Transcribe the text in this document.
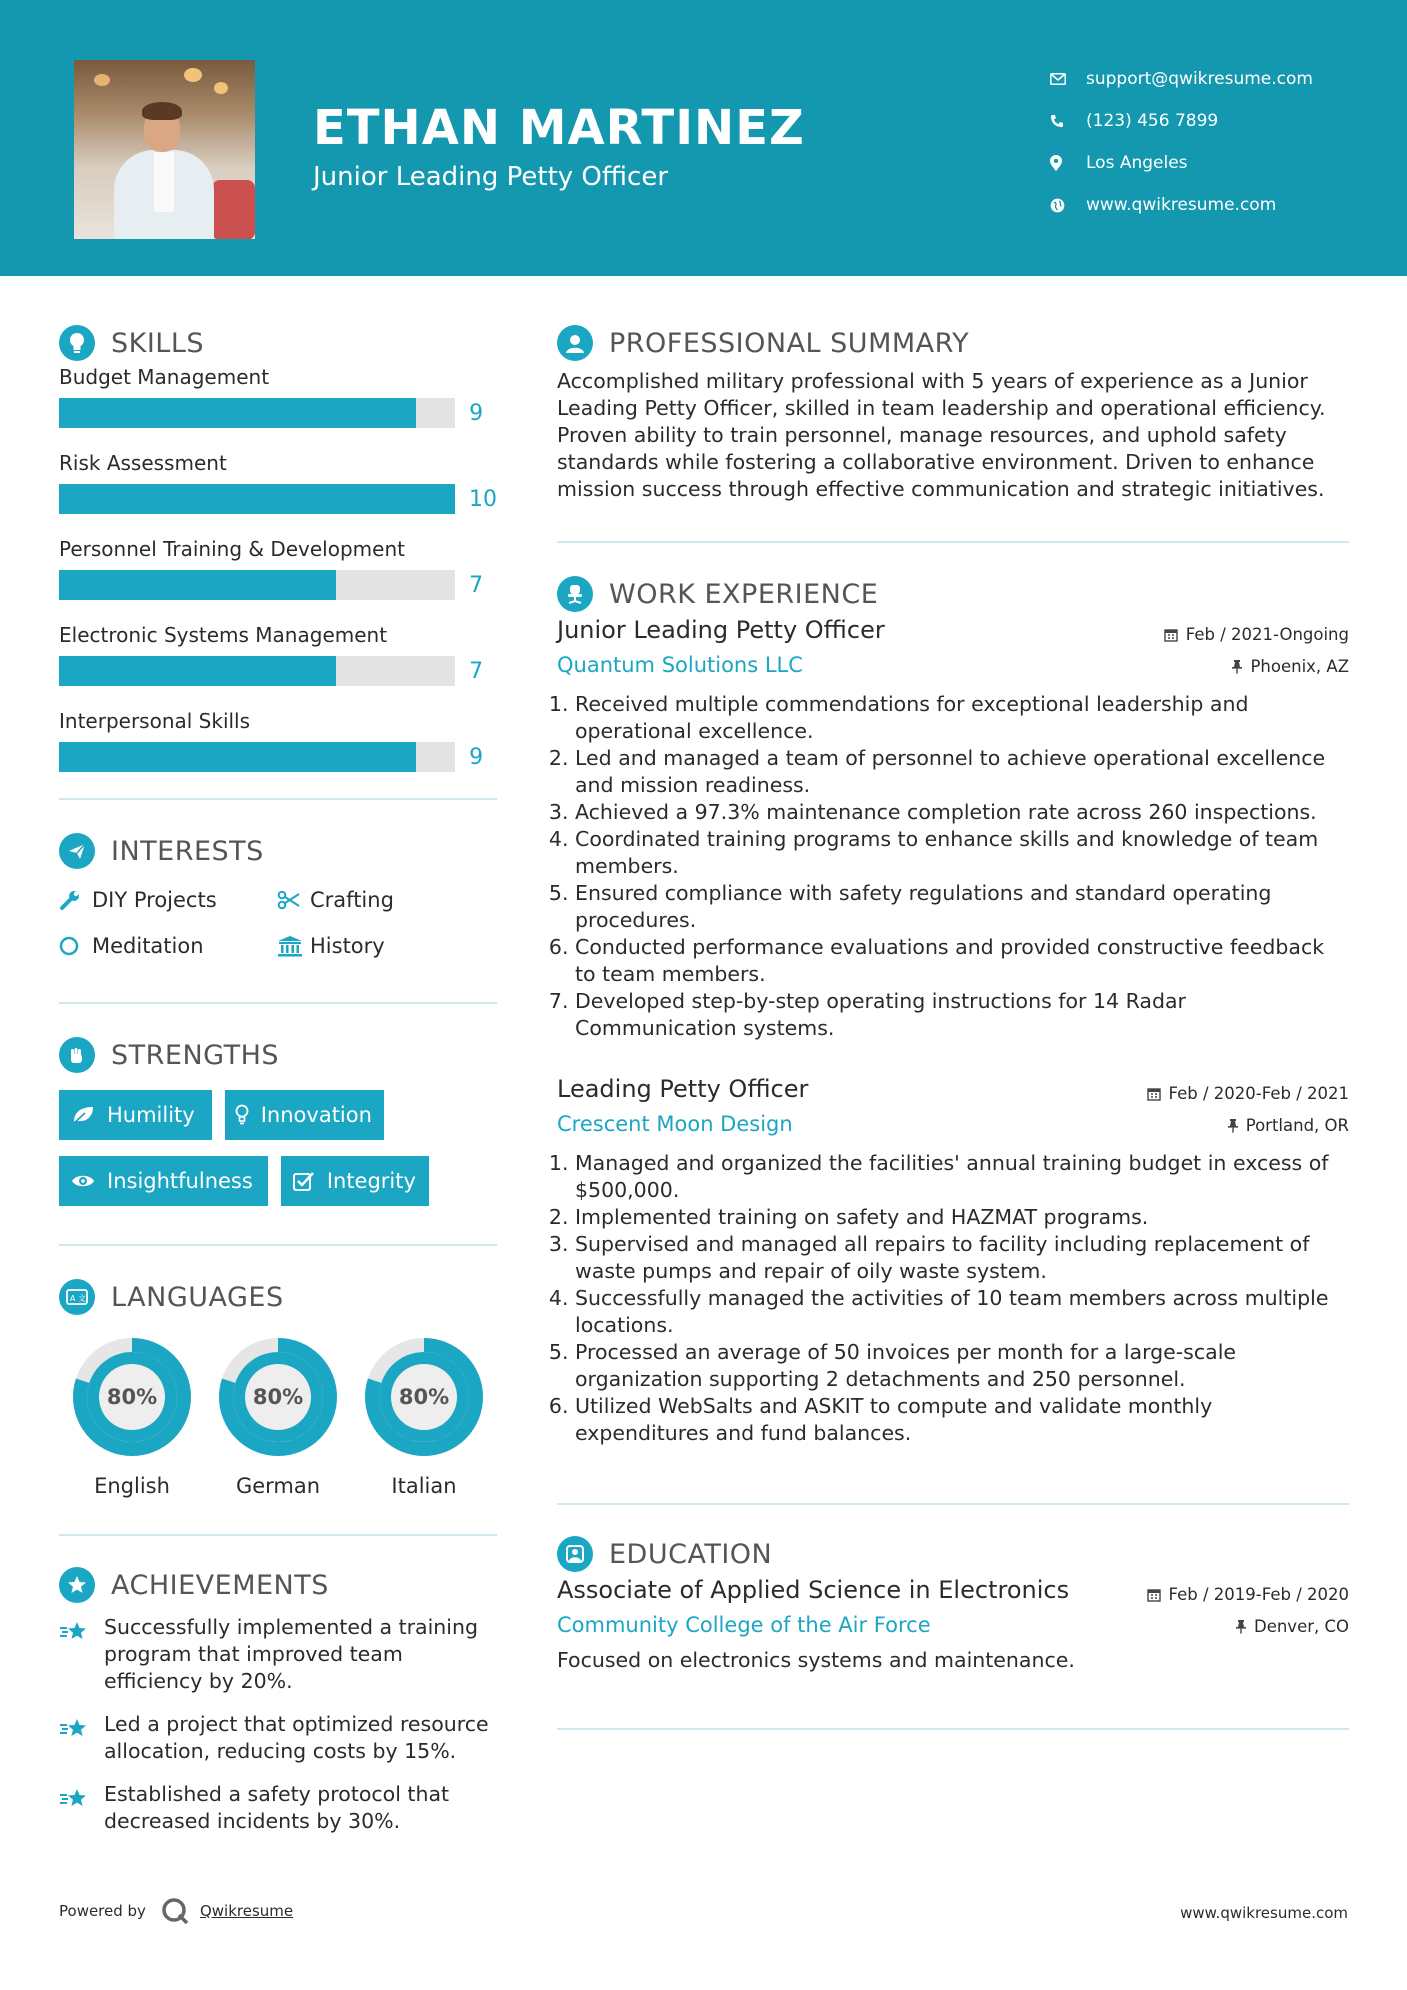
ETHAN MARTINEZ
Junior Leading Petty Officer
support@qwikresume.com
(123) 456 7899
Los Angeles
www.qwikresume.com
SKILLS
Budget Management
9
Risk Assessment
10
Personnel Training & Development
7
Electronic Systems Management
7
Interpersonal Skills
9
INTERESTS
DIY Projects	Crafting
Meditation	History
STRENGTHS
Humility	Innovation
Insightfulness	Integrity
A 文 LANGUAGES
80%
English
80%
German
80%
Italian
ACHIEVEMENTS
Successfully implemented a training program that improved team efficiency by 20%.
Led a project that optimized resource allocation, reducing costs by 15%.
Established a safety protocol that decreased incidents by 30%.
PROFESSIONAL SUMMARY
Accomplished military professional with 5 years of experience as a Junior Leading Petty Officer, skilled in team leadership and operational efficiency. Proven ability to train personnel, manage resources, and uphold safety standards while fostering a collaborative environment. Driven to enhance mission success through effective communication and strategic initiatives.
WORK EXPERIENCE
Junior Leading Petty Officer
Quantum Solutions LLC
Feb / 2021-Ongoing
Phoenix, AZ
1. Received multiple commendations for exceptional leadership and operational excellence.
2. Led and managed a team of personnel to achieve operational excellence and mission readiness.
3. Achieved a 97.3% maintenance completion rate across 260 inspections.
4. Coordinated training programs to enhance skills and knowledge of team members.
5. Ensured compliance with safety regulations and standard operating procedures.
6. Conducted performance evaluations and provided constructive feedback to team members.
7. Developed step-by-step operating instructions for 14 Radar Communication systems.
Leading Petty Officer
Crescent Moon Design
Feb / 2020-Feb / 2021
Portland, OR
1. Managed and organized the facilities' annual training budget in excess of $500,000.
2. Implemented training on safety and HAZMAT programs.
3. Supervised and managed all repairs to facility including replacement of waste pumps and repair of oily waste system.
4. Successfully managed the activities of 10 team members across multiple locations.
5. Processed an average of 50 invoices per month for a large-scale organization supporting 2 detachments and 250 personnel.
6. Utilized WebSalts and ASKIT to compute and validate monthly expenditures and fund balances.
EDUCATION
Associate of Applied Science in Electronics
Community College of the Air Force
Feb / 2019-Feb / 2020
Denver, CO
Focused on electronics systems and maintenance.
Powered by	Qwikresume	www.qwikresume.com
